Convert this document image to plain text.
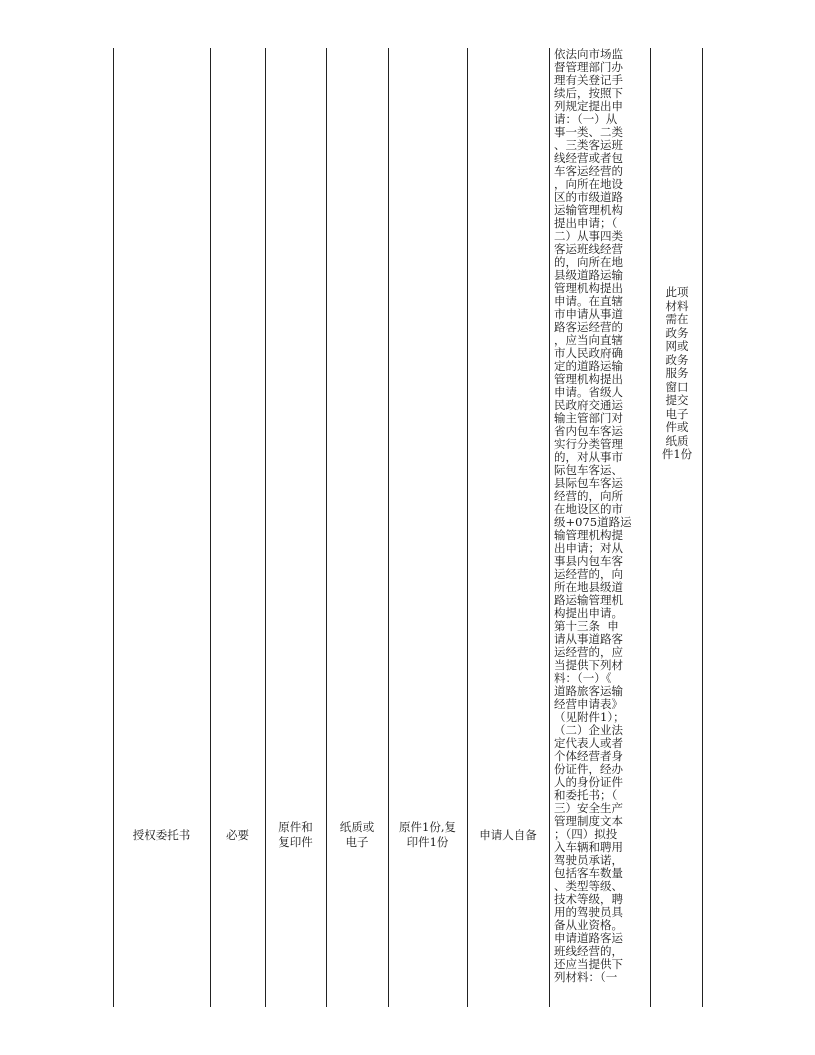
授权委托书	必要
原件和
复印件
纸质或
电子
原件1份,复
印件1份	申请人自备
依法向市场监
督管理部门办
理有关登记手
续后，按照下
列规定提出申
请：（一）从
事一类、二类
、三类客运班
线经营或者包
车客运经营的
，向所在地设
区的市级道路
运输管理机构
提出申请；（
二）从事四类
客运班线经营
的，向所在地
县级道路运输
管理机构提出
申请。在直辖
市申请从事道
路客运经营的
，应当向直辖
市人民政府确
定的道路运输
管理机构提出
申请。省级人
民政府交通运
输主管部门对
省内包车客运
实行分类管理
的，对从事市
际包车客运、
县际包车客运
经营的，向所
在地设区的市
级+075道路运
输管理机构提
出申请；对从
事县内包车客
运经营的，向
所在地县级道
路运输管理机
构提出申请。
第十三条  申
请从事道路客
运经营的，应
当提供下列材
料：（一）《
道路旅客运输
经营申请表》
（见附件1）；
（二）企业法
定代表人或者
个体经营者身
份证件，经办
人的身份证件
和委托书；（
三）安全生产
管理制度文本
；（四）拟投
入车辆和聘用
驾驶员承诺，
包括客车数量
、类型等级、
技术等级，聘
用的驾驶员具
备从业资格。
申请道路客运
班线经营的，
还应当提供下
列材料：（一
此项
材料
需在
政务
网或
政务
服务
窗口
提交
电子
件或
纸质
件1份
